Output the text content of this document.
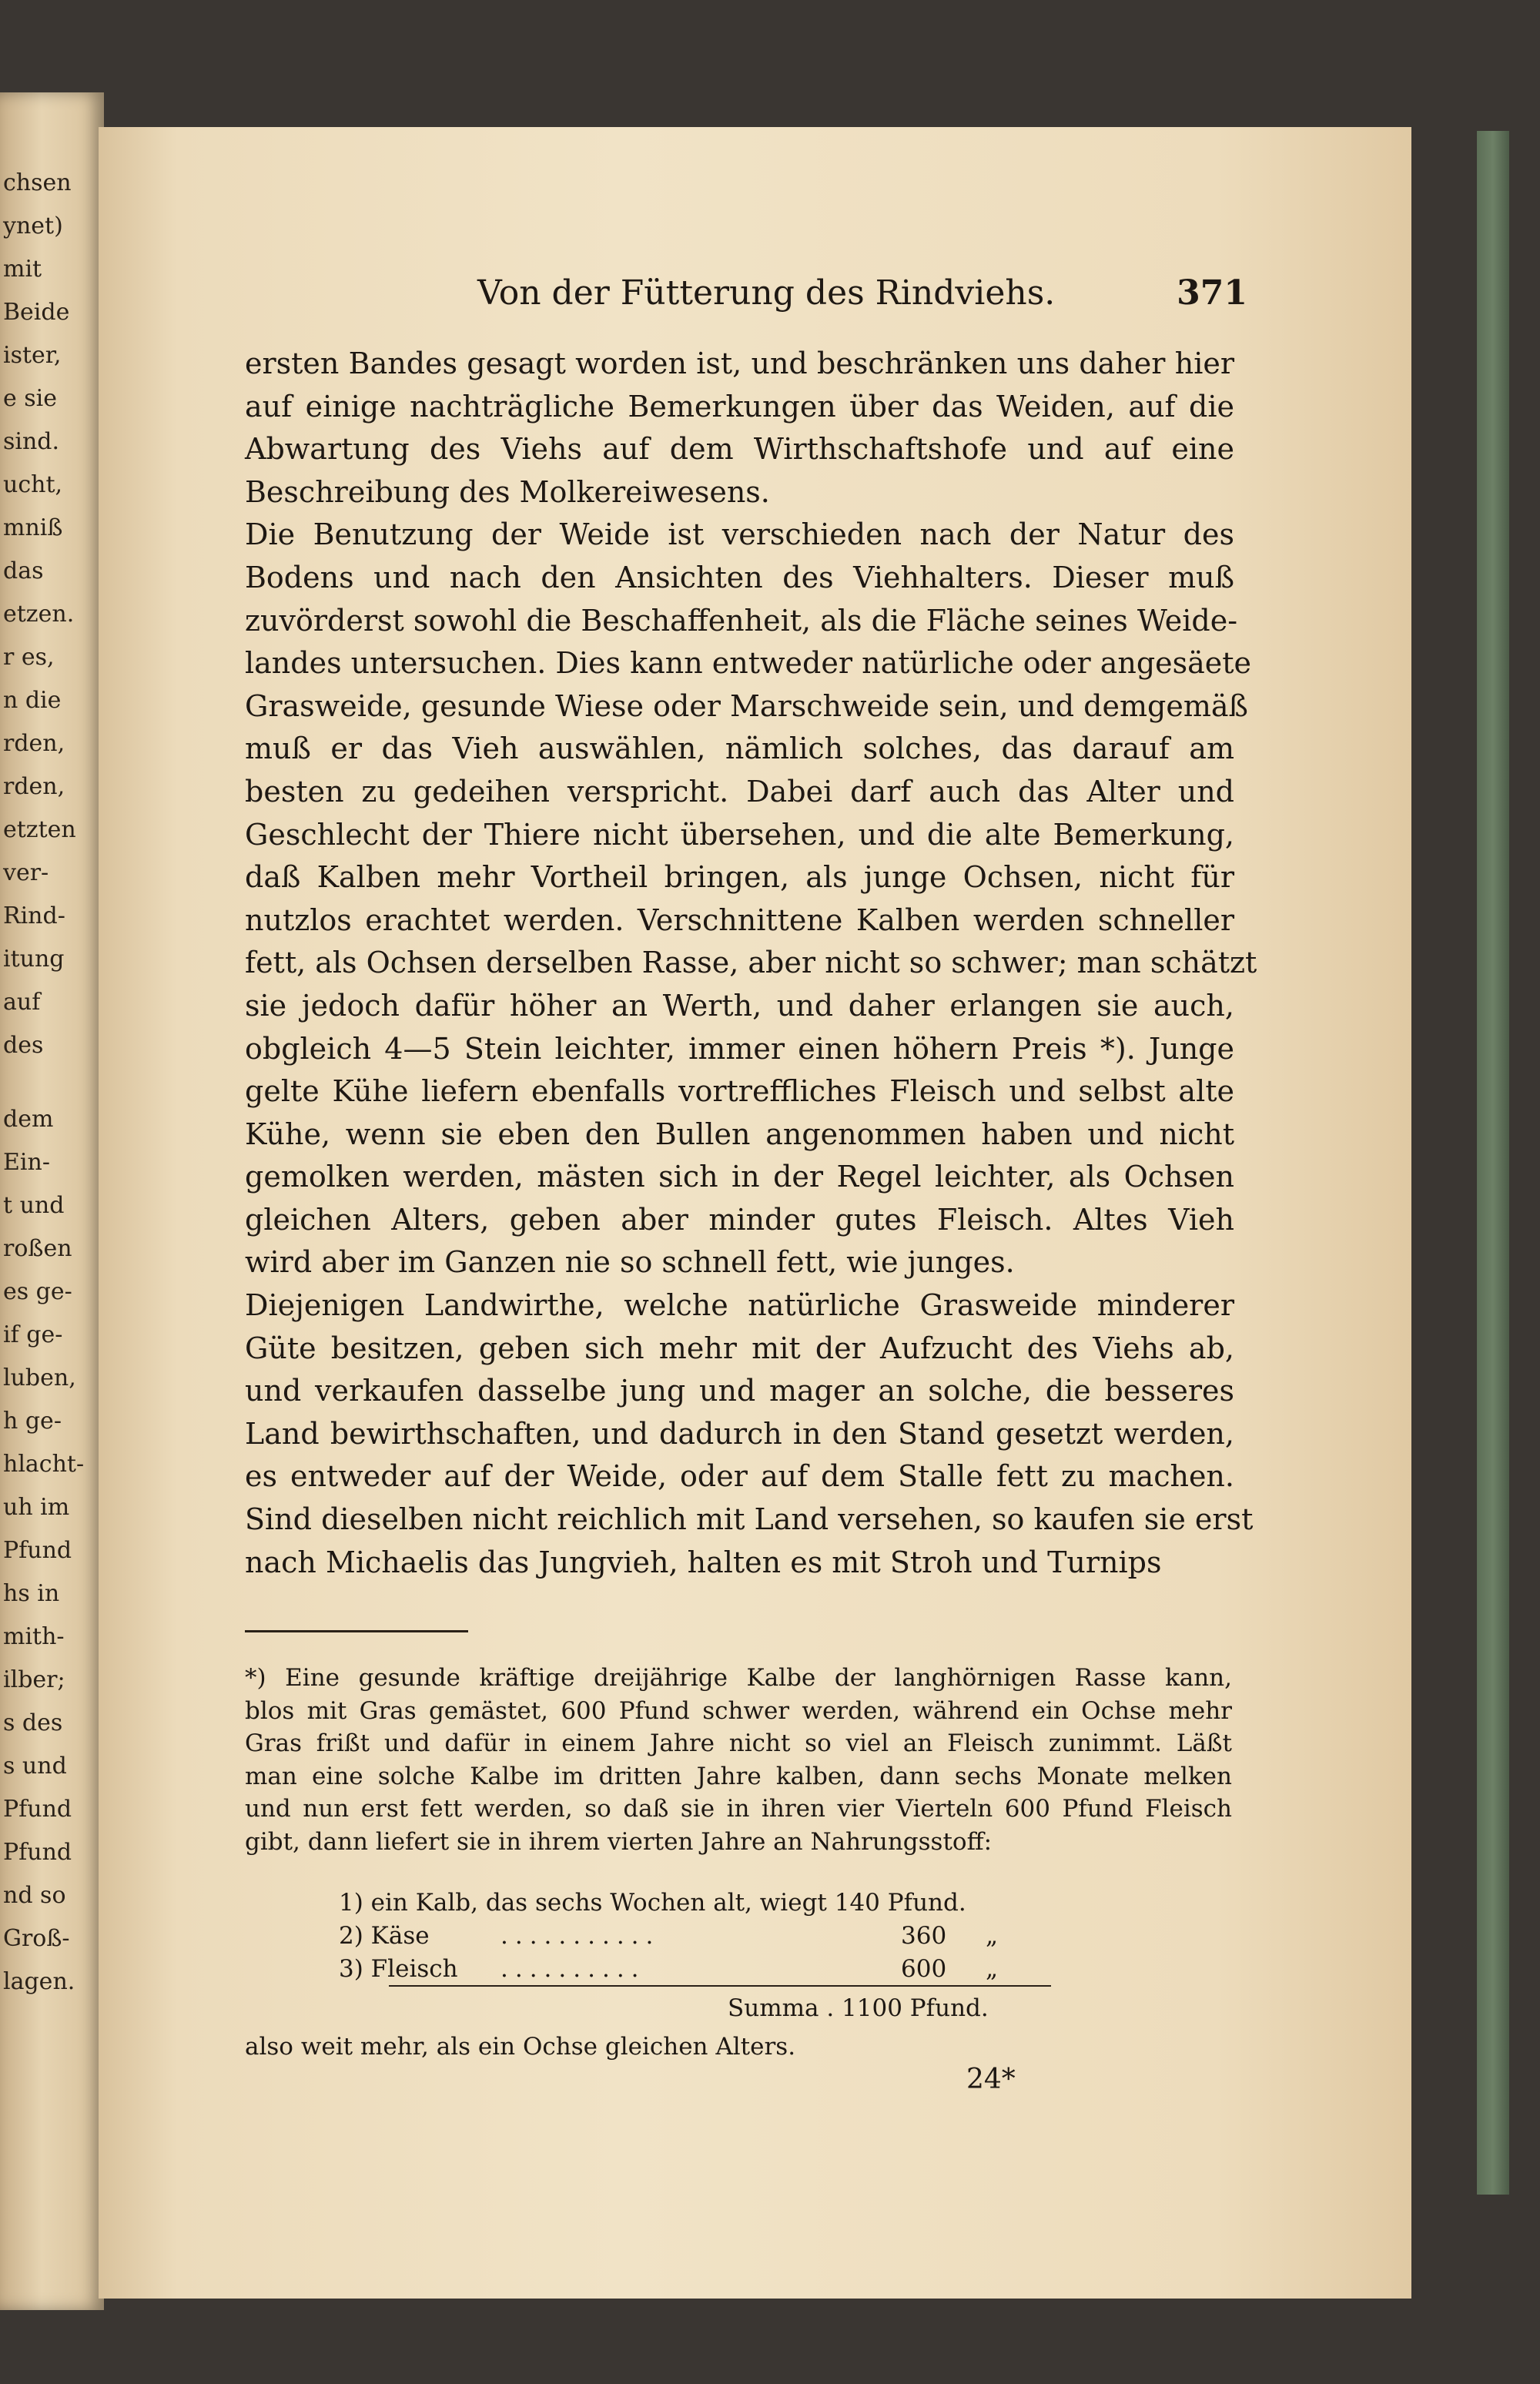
chsen
ynet)
mit
Beide
ister,
e sie
sind.
ucht,
mniß
das
etzen.
r es,
n die
rden,
rden,
etzten
ver-
Rind-
itung
auf
des
dem
Ein-
t und
roßen
es ge-
if ge-
luben,
h ge-
hlacht-
uh im
Pfund
hs in
mith-
ilber;
s des
s und
Pfund
Pfund
nd so
Groß-
lagen.
Von der Fütterung des Rindviehs.	371
ersten Bandes gesagt worden ist, und beschränken uns daher hier
auf einige nachträgliche Bemerkungen über das Weiden, auf die
Abwartung des Viehs auf dem Wirthschaftshofe und auf eine
Beschreibung des Molkereiwesens.
Die Benutzung der Weide ist verschieden nach der Natur des
Bodens und nach den Ansichten des Viehhalters. Dieser muß
zuvörderst sowohl die Beschaffenheit, als die Fläche seines Weide-
landes untersuchen. Dies kann entweder natürliche oder angesäete
Grasweide, gesunde Wiese oder Marschweide sein, und demgemäß
muß er das Vieh auswählen, nämlich solches, das darauf am
besten zu gedeihen verspricht. Dabei darf auch das Alter und
Geschlecht der Thiere nicht übersehen, und die alte Bemerkung,
daß Kalben mehr Vortheil bringen, als junge Ochsen, nicht für
nutzlos erachtet werden. Verschnittene Kalben werden schneller
fett, als Ochsen derselben Rasse, aber nicht so schwer; man schätzt
sie jedoch dafür höher an Werth, und daher erlangen sie auch,
obgleich 4—5 Stein leichter, immer einen höhern Preis *). Junge
gelte Kühe liefern ebenfalls vortreffliches Fleisch und selbst alte
Kühe, wenn sie eben den Bullen angenommen haben und nicht
gemolken werden, mästen sich in der Regel leichter, als Ochsen
gleichen Alters, geben aber minder gutes Fleisch. Altes Vieh
wird aber im Ganzen nie so schnell fett, wie junges.
Diejenigen Landwirthe, welche natürliche Grasweide minderer
Güte besitzen, geben sich mehr mit der Aufzucht des Viehs ab,
und verkaufen dasselbe jung und mager an solche, die besseres
Land bewirthschaften, und dadurch in den Stand gesetzt werden,
es entweder auf der Weide, oder auf dem Stalle fett zu machen.
Sind dieselben nicht reichlich mit Land versehen, so kaufen sie erst
nach Michaelis das Jungvieh, halten es mit Stroh und Turnips
*) Eine gesunde kräftige dreijährige Kalbe der langhörnigen Rasse kann,
blos mit Gras gemästet, 600 Pfund schwer werden, während ein Ochse mehr
Gras frißt und dafür in einem Jahre nicht so viel an Fleisch zunimmt. Läßt
man eine solche Kalbe im dritten Jahre kalben, dann sechs Monate melken
und nun erst fett werden, so daß sie in ihren vier Vierteln 600 Pfund Fleisch
gibt, dann liefert sie in ihrem vierten Jahre an Nahrungsstoff:
1) ein Kalb, das sechs Wochen alt, wiegt 140 Pfund.
2) Käse	...........	360 „
3) Fleisch ..........	600 „
Summa . 1100 Pfund.
also weit mehr, als ein Ochse gleichen Alters.
24*
